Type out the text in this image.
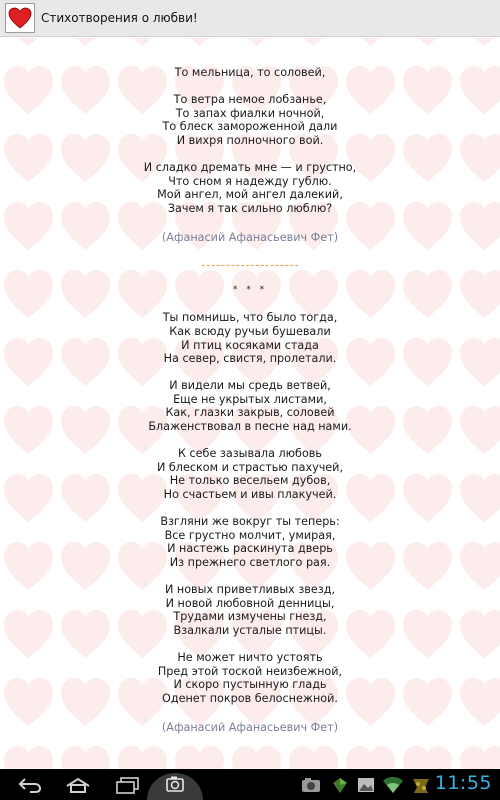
Стихотворения о любви!
То мельница, то соловей,
То ветра немое лобзанье,
То запах фиалки ночной,
То блеск замороженной дали
И вихря полночного вой.
И сладко дремать мне — и грустно,
Что сном я надежду гублю.
Мой ангел, мой ангел далекий,
Зачем я так сильно люблю?
(Афанасий Афанасьевич Фет)
* * *
Ты помнишь, что было тогда,
Как всюду ручьи бушевали
И птиц косяками стада
На север, свистя, пролетали.
И видели мы средь ветвей,
Еще не укрытых листами,
Как, глазки закрыв, соловей
Блаженствовал в песне над нами.
К себе зазывала любовь
И блеском и страстью пахучей,
Не только весельем дубов,
Но счастьем и ивы плакучей.
Взгляни же вокруг ты теперь:
Все грустно молчит, умирая,
И настежь раскинута дверь
Из прежнего светлого рая.
И новых приветливых звезд,
И новой любовной денницы,
Трудами измучены гнезд,
Взалкали усталые птицы.
Не может ничто устоять
Пред этой тоской неизбежной,
И скоро пустынную гладь
Оденет покров белоснежной.
(Афанасий Афанасьевич Фет)
11:55
